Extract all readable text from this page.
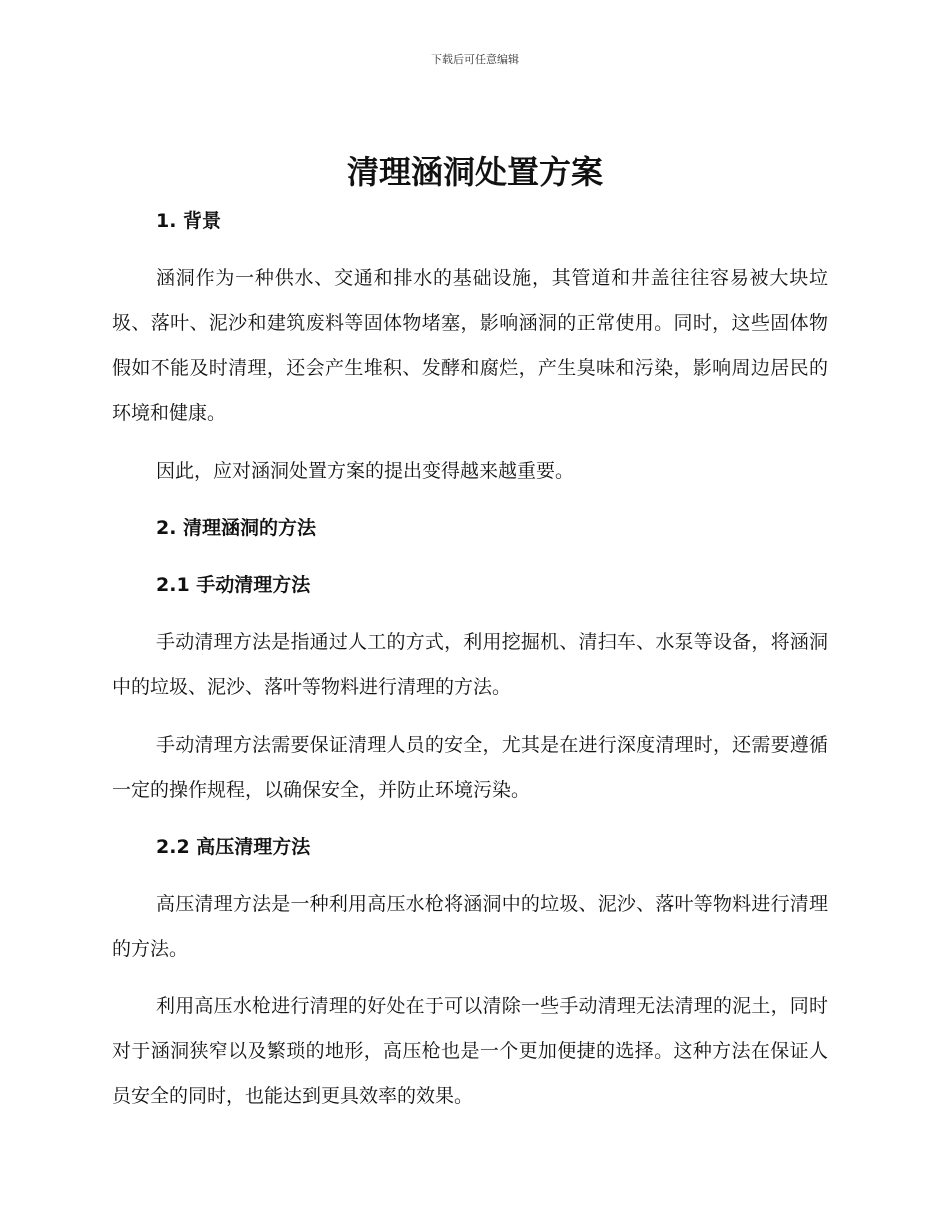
下载后可任意编辑
清理涵洞处置方案
1. 背景

涵洞作为一种供水、交通和排水的基础设施，其管道和井盖往往容易被大块垃圾、落叶、泥沙和建筑废料等固体物堵塞，影响涵洞的正常使用。同时，这些固体物假如不能及时清理，还会产生堆积、发酵和腐烂，产生臭味和污染，影响周边居民的环境和健康。

因此，应对涵洞处置方案的提出变得越来越重要。

2. 清理涵洞的方法
2.1 手动清理方法

手动清理方法是指通过人工的方式，利用挖掘机、清扫车、水泵等设备，将涵洞中的垃圾、泥沙、落叶等物料进行清理的方法。

手动清理方法需要保证清理人员的安全，尤其是在进行深度清理时，还需要遵循一定的操作规程，以确保安全，并防止环境污染。

2.2 高压清理方法

高压清理方法是一种利用高压水枪将涵洞中的垃圾、泥沙、落叶等物料进行清理的方法。

利用高压水枪进行清理的好处在于可以清除一些手动清理无法清理的泥土，同时对于涵洞狭窄以及繁琐的地形，高压枪也是一个更加便捷的选择。这种方法在保证人员安全的同时，也能达到更具效率的效果。
